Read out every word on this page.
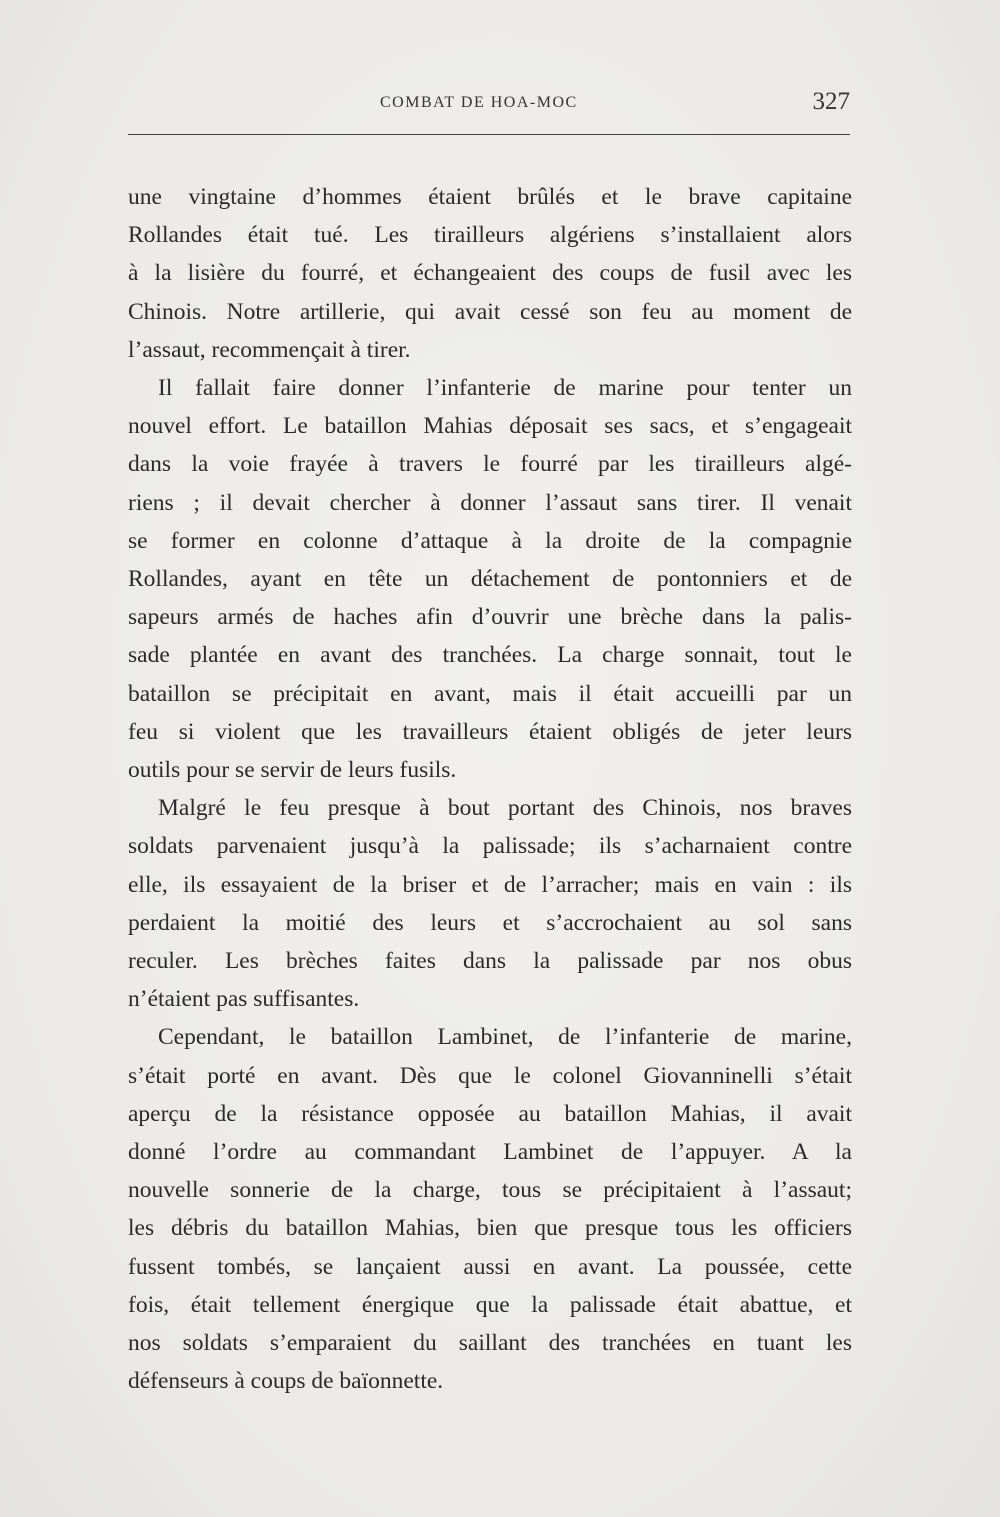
COMBAT DE HOA-MOC	327
une vingtaine d’hommes étaient brûlés et le brave capitaine
Rollandes était tué. Les tirailleurs algériens s’installaient alors
à la lisière du fourré, et échangeaient des coups de fusil avec les
Chinois. Notre artillerie, qui avait cessé son feu au moment de
l’assaut, recommençait à tirer.
Il fallait faire donner l’infanterie de marine pour tenter un
nouvel effort. Le bataillon Mahias déposait ses sacs, et s’engageait
dans la voie frayée à travers le fourré par les tirailleurs algé-
riens ; il devait chercher à donner l’assaut sans tirer. Il venait
se former en colonne d’attaque à la droite de la compagnie
Rollandes, ayant en tête un détachement de pontonniers et de
sapeurs armés de haches afin d’ouvrir une brèche dans la palis-
sade plantée en avant des tranchées. La charge sonnait, tout le
bataillon se précipitait en avant, mais il était accueilli par un
feu si violent que les travailleurs étaient obligés de jeter leurs
outils pour se servir de leurs fusils.
Malgré le feu presque à bout portant des Chinois, nos braves
soldats parvenaient jusqu’à la palissade; ils s’acharnaient contre
elle, ils essayaient de la briser et de l’arracher; mais en vain : ils
perdaient la moitié des leurs et s’accrochaient au sol sans
reculer. Les brèches faites dans la palissade par nos obus
n’étaient pas suffisantes.
Cependant, le bataillon Lambinet, de l’infanterie de marine,
s’était porté en avant. Dès que le colonel Giovanninelli s’était
aperçu de la résistance opposée au bataillon Mahias, il avait
donné l’ordre au commandant Lambinet de l’appuyer. A la
nouvelle sonnerie de la charge, tous se précipitaient à l’assaut;
les débris du bataillon Mahias, bien que presque tous les officiers
fussent tombés, se lançaient aussi en avant. La poussée, cette
fois, était tellement énergique que la palissade était abattue, et
nos soldats s’emparaient du saillant des tranchées en tuant les
défenseurs à coups de baïonnette.
